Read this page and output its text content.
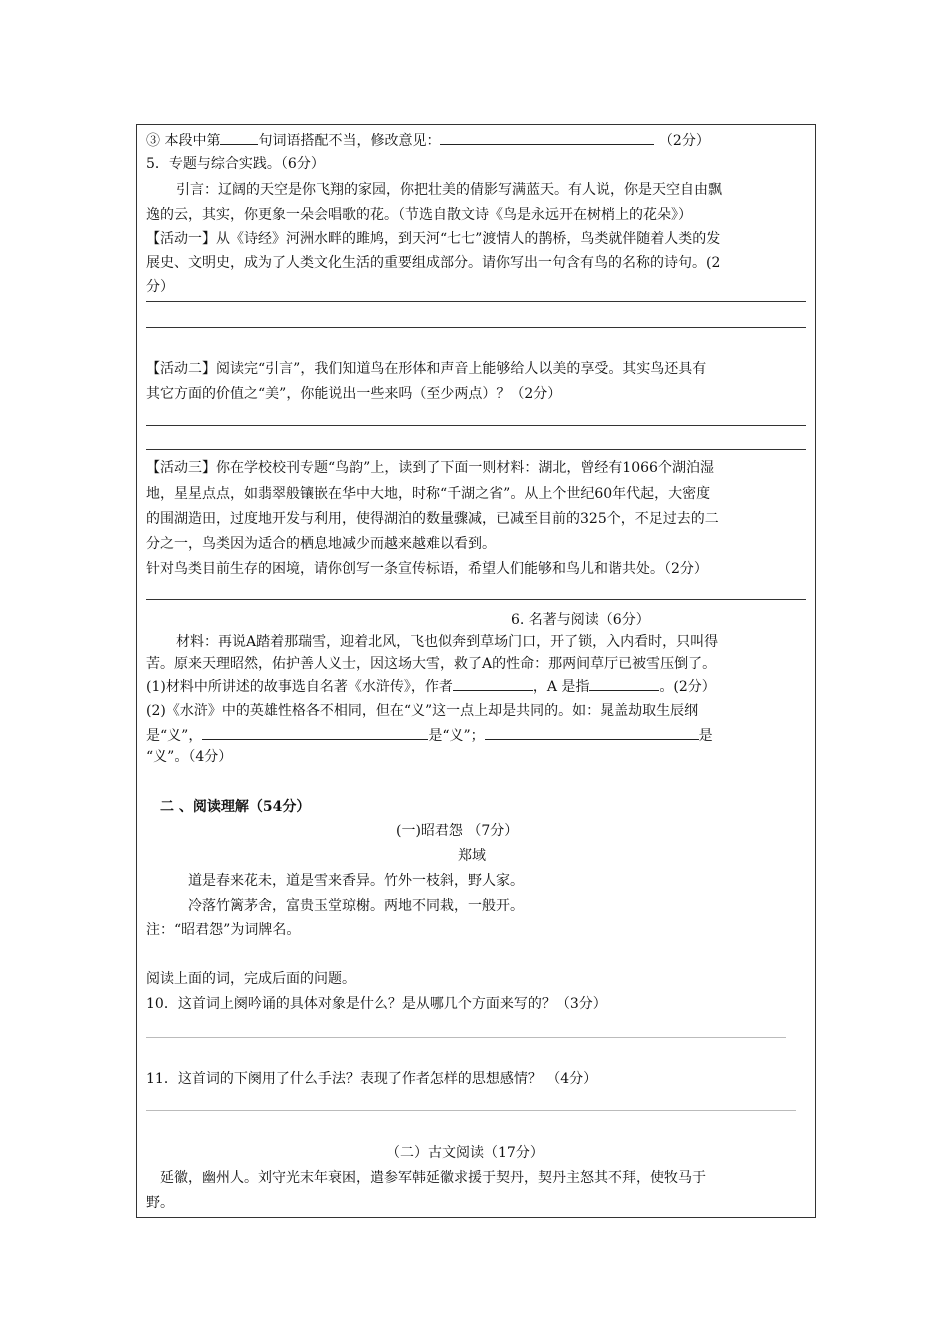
③ 本段中第	句词语搭配不当，修改意见：	（2分）
5．专题与综合实践。（6分）
引言：辽阔的天空是你飞翔的家园，你把壮美的倩影写满蓝天。有人说，你是天空自由飘
逸的云，其实，你更象一朵会唱歌的花。（节选自散文诗《鸟是永远开在树梢上的花朵》）
【活动一】从《诗经》河洲水畔的雎鸠，到天河“七七”渡情人的鹊桥，鸟类就伴随着人类的发
展史、文明史，成为了人类文化生活的重要组成部分。请你写出一句含有鸟的名称的诗句。(2
分）
【活动二】阅读完“引言”，我们知道鸟在形体和声音上能够给人以美的享受。其实鸟还具有
其它方面的价值之“美”，你能说出一些来吗（至少两点）？（2分）
【活动三】你在学校校刊专题“鸟韵”上，读到了下面一则材料：湖北，曾经有1066个湖泊湿
地，星星点点，如翡翠般镶嵌在华中大地，时称“千湖之省”。从上个世纪60年代起，大密度
的围湖造田，过度地开发与利用，使得湖泊的数量骤减，已减至目前的325个，不足过去的二
分之一，鸟类因为适合的栖息地减少而越来越难以看到。
针对鸟类目前生存的困境，请你创写一条宣传标语，希望人们能够和鸟儿和谐共处。（2分）
6. 名著与阅读（6分）
材料：再说A踏着那瑞雪，迎着北风，飞也似奔到草场门口，开了锁，入内看时，只叫得
苦。原来天理昭然，佑护善人义士，因这场大雪，救了A的性命：那两间草厅已被雪压倒了。
(1)材料中所讲述的故事选自名著《水浒传》，作者	，A 是指	。(2分）
(2)《水浒》中的英雄性格各不相同，但在“义”这一点上却是共同的。如：晁盖劫取生辰纲
是“义”，	是“义”；	是
“义”。（4分）
二 、阅读理解（54分）
(一)昭君怨 （7分）
郑域
道是春来花未，道是雪来香异。竹外一枝斜，野人家。
冷落竹篱茅舍，富贵玉堂琼榭。两地不同栽，一般开。
注：“昭君怨”为词牌名。
阅读上面的词，完成后面的问题。
10．这首词上阕吟诵的具体对象是什么？是从哪几个方面来写的？（3分）
11．这首词的下阕用了什么手法？表现了作者怎样的思想感情？ （4分）
（二）古文阅读（17分）
延徽，幽州人。刘守光末年衰困，遣参军韩延徽求援于契丹，契丹主怒其不拜，使牧马于
野。
